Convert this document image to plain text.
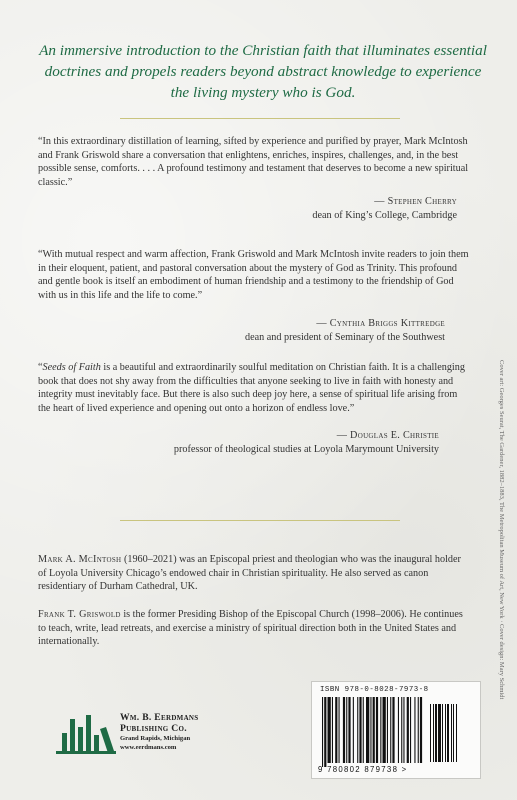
An immersive introduction to the Christian faith that illuminates essential doctrines and propels readers beyond abstract knowledge to experience the living mystery who is God.

“In this extraordinary distillation of learning, sifted by experience and purified by prayer, Mark McIntosh and Frank Griswold share a conversation that enlightens, enriches, inspires, challenges, and, in the best possible sense, comforts. . . . A profound testimony and testament that deserves to become a new spiritual classic.”

— Stephen Cherry
dean of King’s College, Cambridge

“With mutual respect and warm affection, Frank Griswold and Mark McIntosh invite readers to join them in their eloquent, patient, and pastoral conversation about the mystery of God as Trinity. This profound and gentle book is itself an embodiment of human friendship and a testimony to the friendship of God with us in this life and the life to come.”

— Cynthia Briggs Kittredge
dean and president of Seminary of the Southwest

“Seeds of Faith is a beautiful and extraordinarily soulful meditation on Christian faith. It is a challenging book that does not shy away from the difficulties that anyone seeking to live in faith with honesty and integrity must inevitably face. But there is also such deep joy here, a sense of spiritual life arising from the heart of lived experience and opening out onto a horizon of endless love.”

— Douglas E. Christie
professor of theological studies at Loyola Marymount University

Mark A. McIntosh (1960–2021) was an Episcopal priest and theologian who was the inaugural holder of Loyola University Chicago’s endowed chair in Christian spirituality. He also served as canon residentiary of Durham Cathedral, UK.

Frank T. Griswold is the former Presiding Bishop of the Episcopal Church (1998–2006). He continues to teach, write, lead retreats, and exercise a ministry of spiritual direction both in the United States and internationally.	Cover art: Georges Seurat, The Gardener, 1882–1883, The Metropolitan Museum of Art, New York · Cover design: Mary Schmidt
Wm. B. Eerdmans
Publishing Co.
Grand Rapids, Michigan
www.eerdmans.com
ISBN 978-0-8028-7973-8
9 780802 879738 >
